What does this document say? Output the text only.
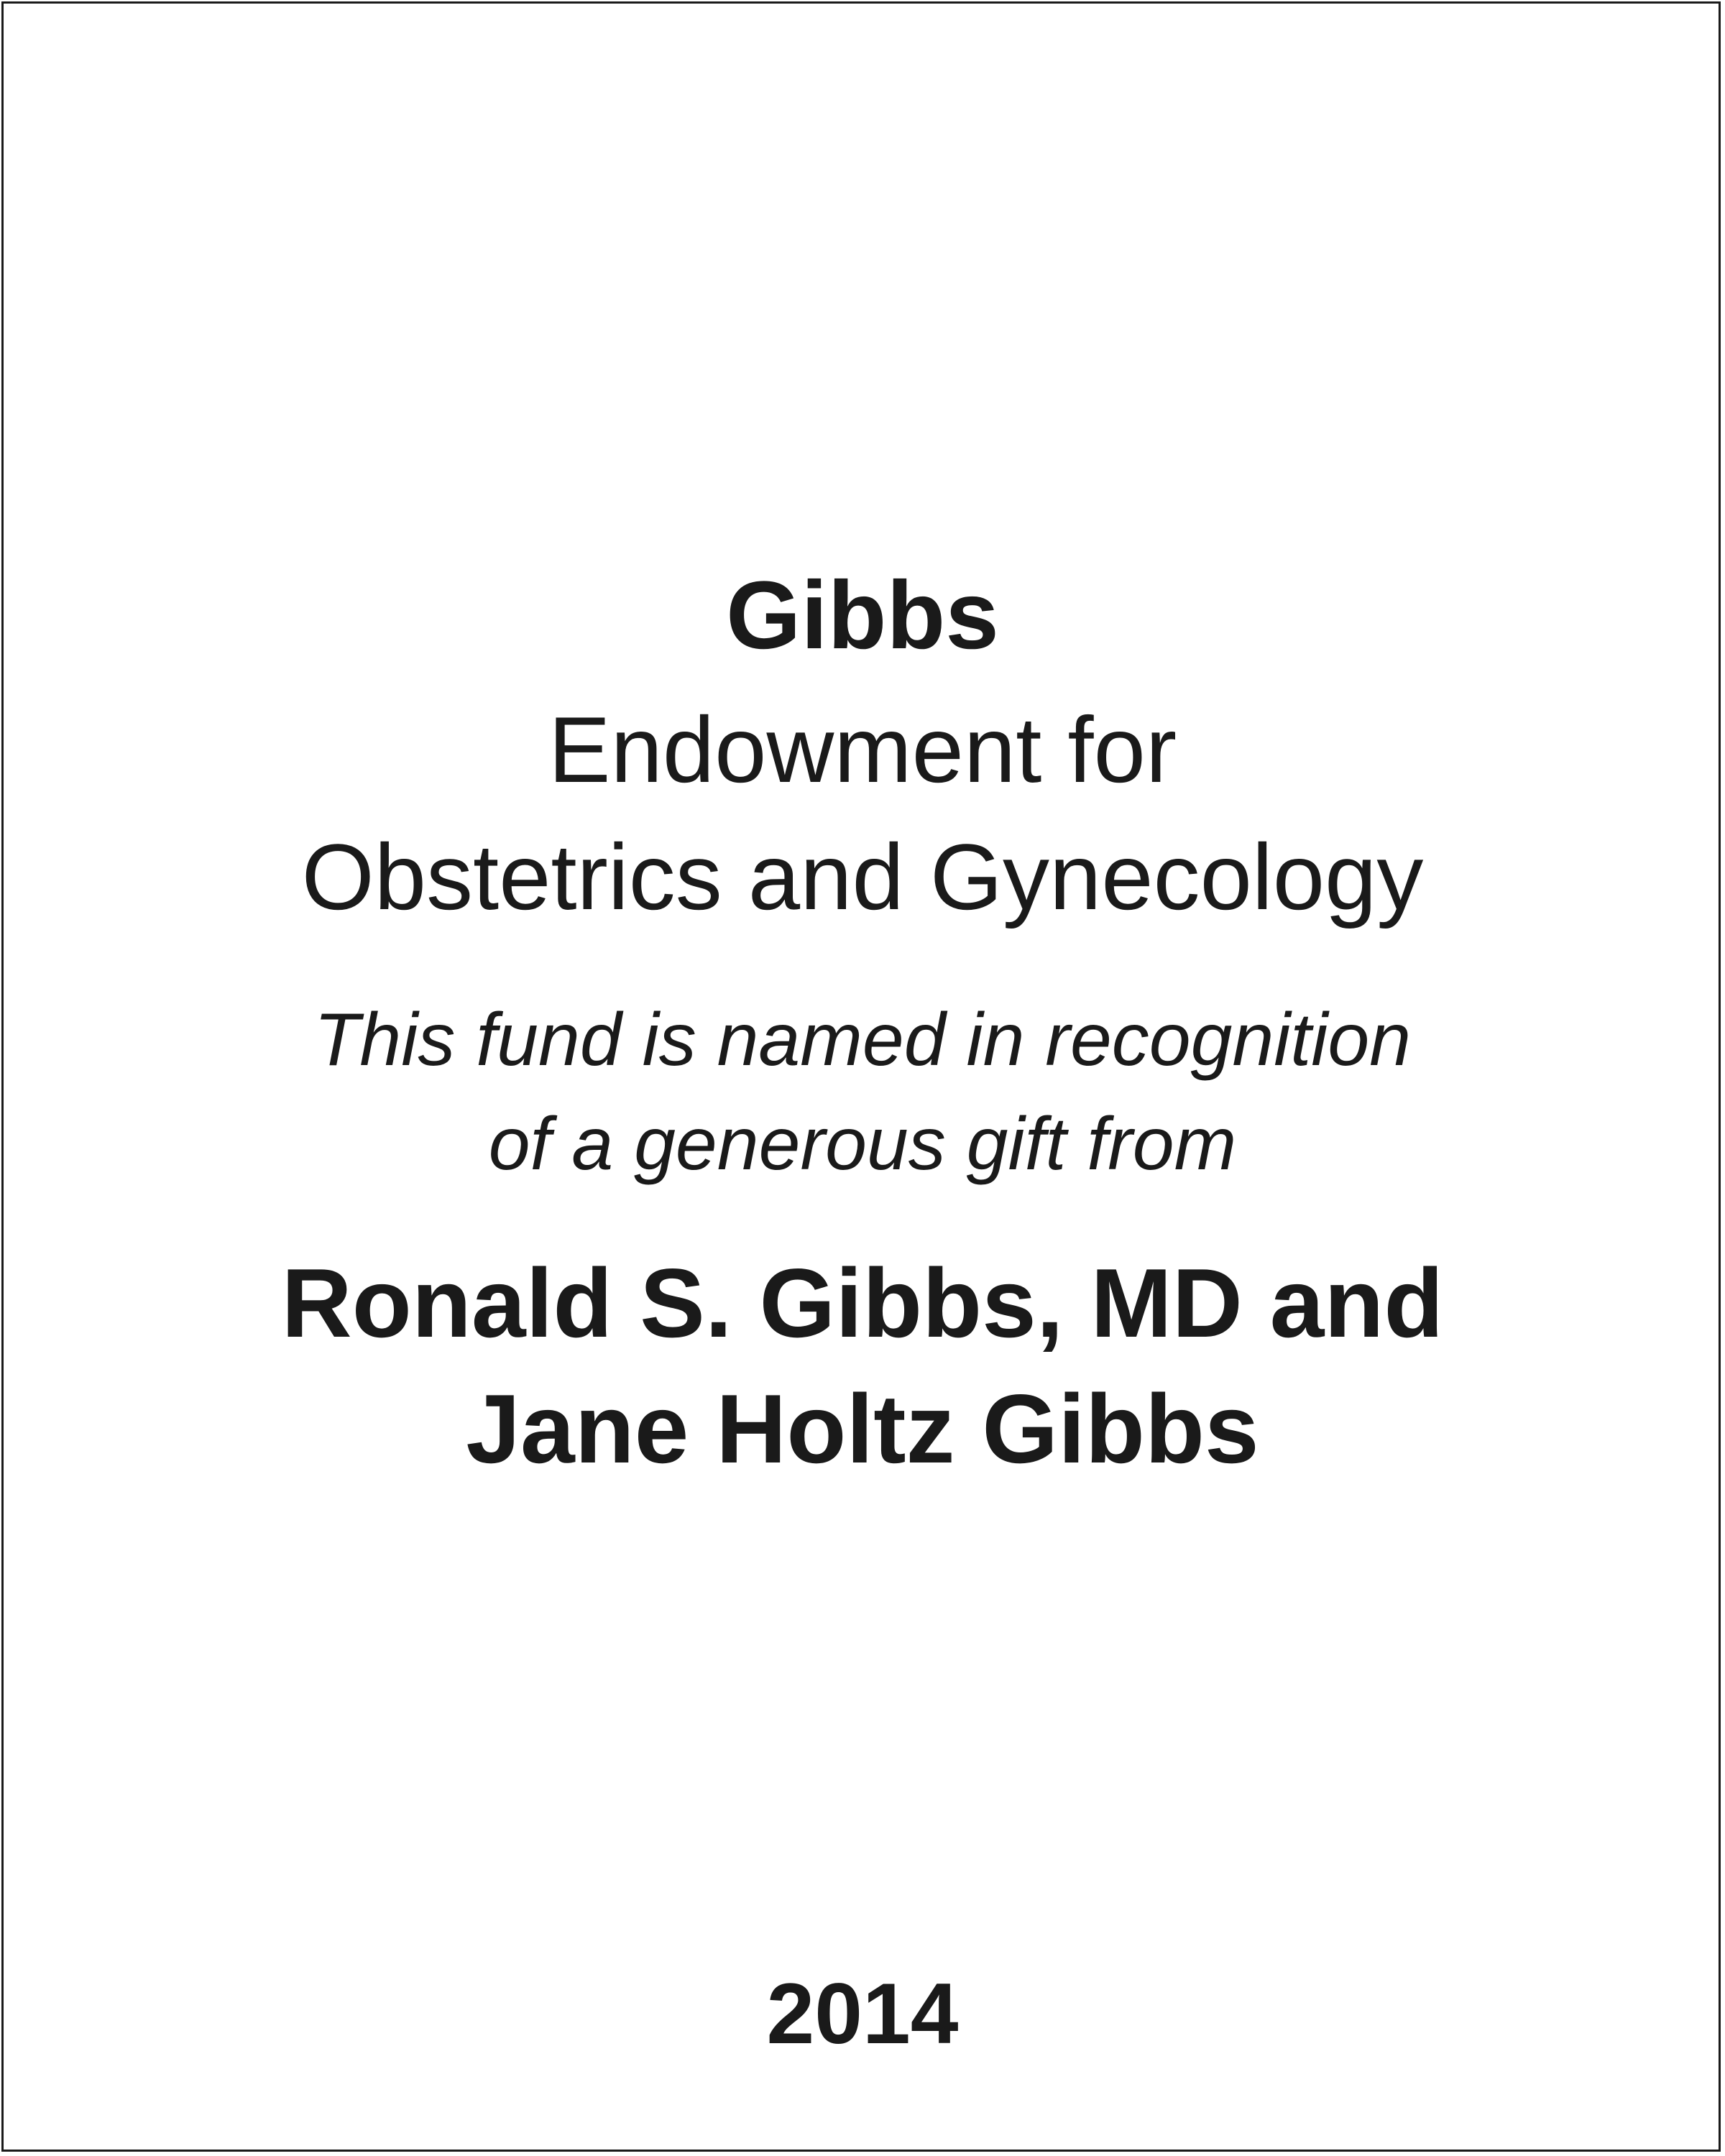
Gibbs
Endowment for
Obstetrics and Gynecology
This fund is named in recognition
of a generous gift from
Ronald S. Gibbs, MD and
Jane Holtz Gibbs
2014
